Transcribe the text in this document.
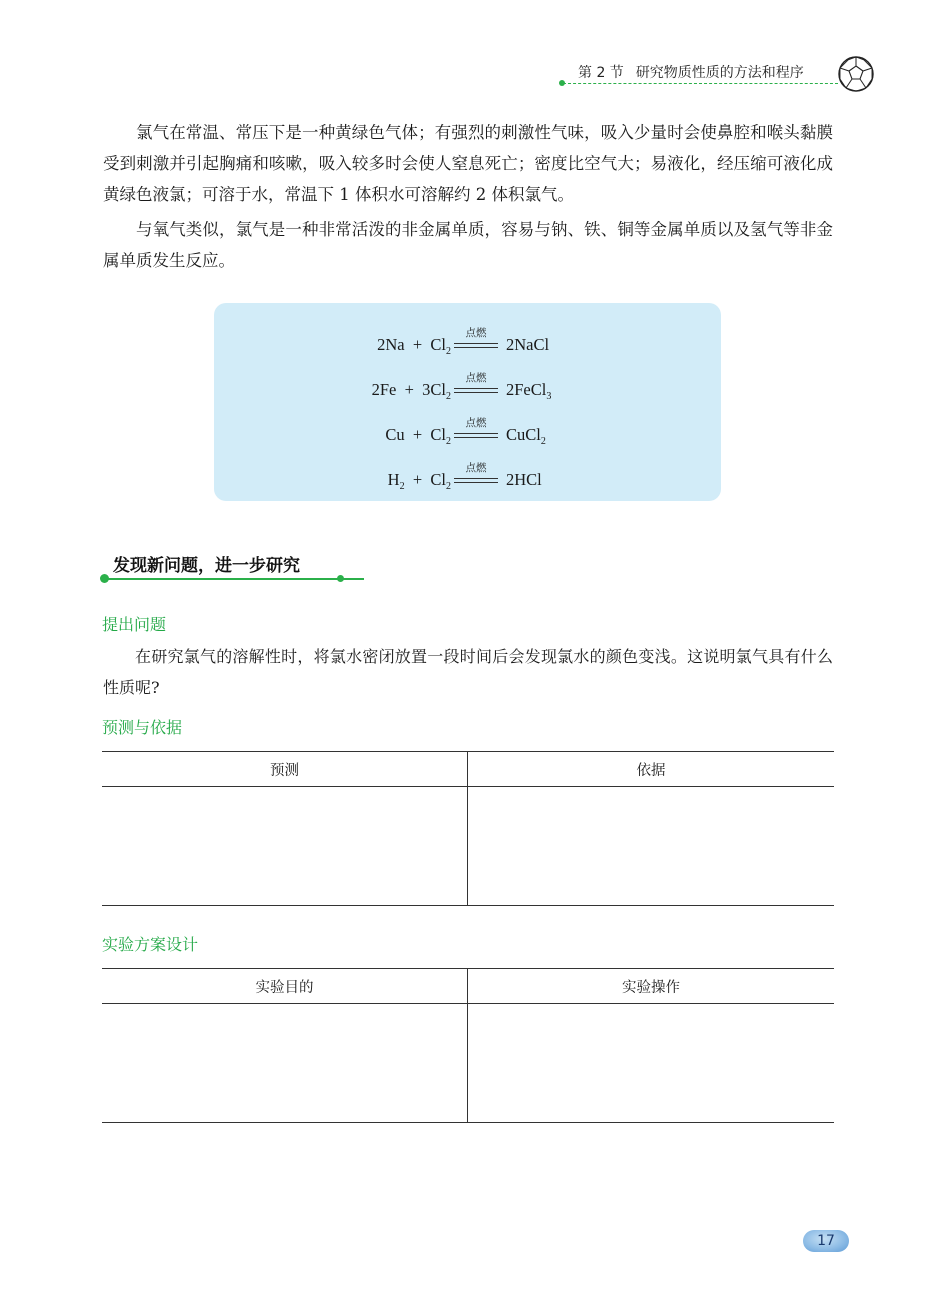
第 2 节 研究物质性质的方法和程序

氯气在常温、常压下是一种黄绿色气体；有强烈的刺激性气味，吸入少量时会使鼻腔和喉头黏膜受到刺激并引起胸痛和咳嗽，吸入较多时会使人窒息死亡；密度比空气大；易液化，经压缩可液化成黄绿色液氯；可溶于水，常温下 1 体积水可溶解约 2 体积氯气。

与氧气类似，氯气是一种非常活泼的非金属单质，容易与钠、铁、铜等金属单质以及氢气等非金属单质发生反应。

$2Na + Cl_2$
点燃
2NaCl
$2Fe + 3Cl_2$
点燃
2FeCl$_3$
$Cu + Cl_2$
点燃
CuCl$_2$
$H_2 + Cl_2$
点燃
2HCl
发现新问题，进一步研究
提出问题

在研究氯气的溶解性时，将氯水密闭放置一段时间后会发现氯水的颜色变浅。这说明氯气具有什么性质呢?

预测与依据
预测	依据

实验方案设计
实验目的	实验操作

17
